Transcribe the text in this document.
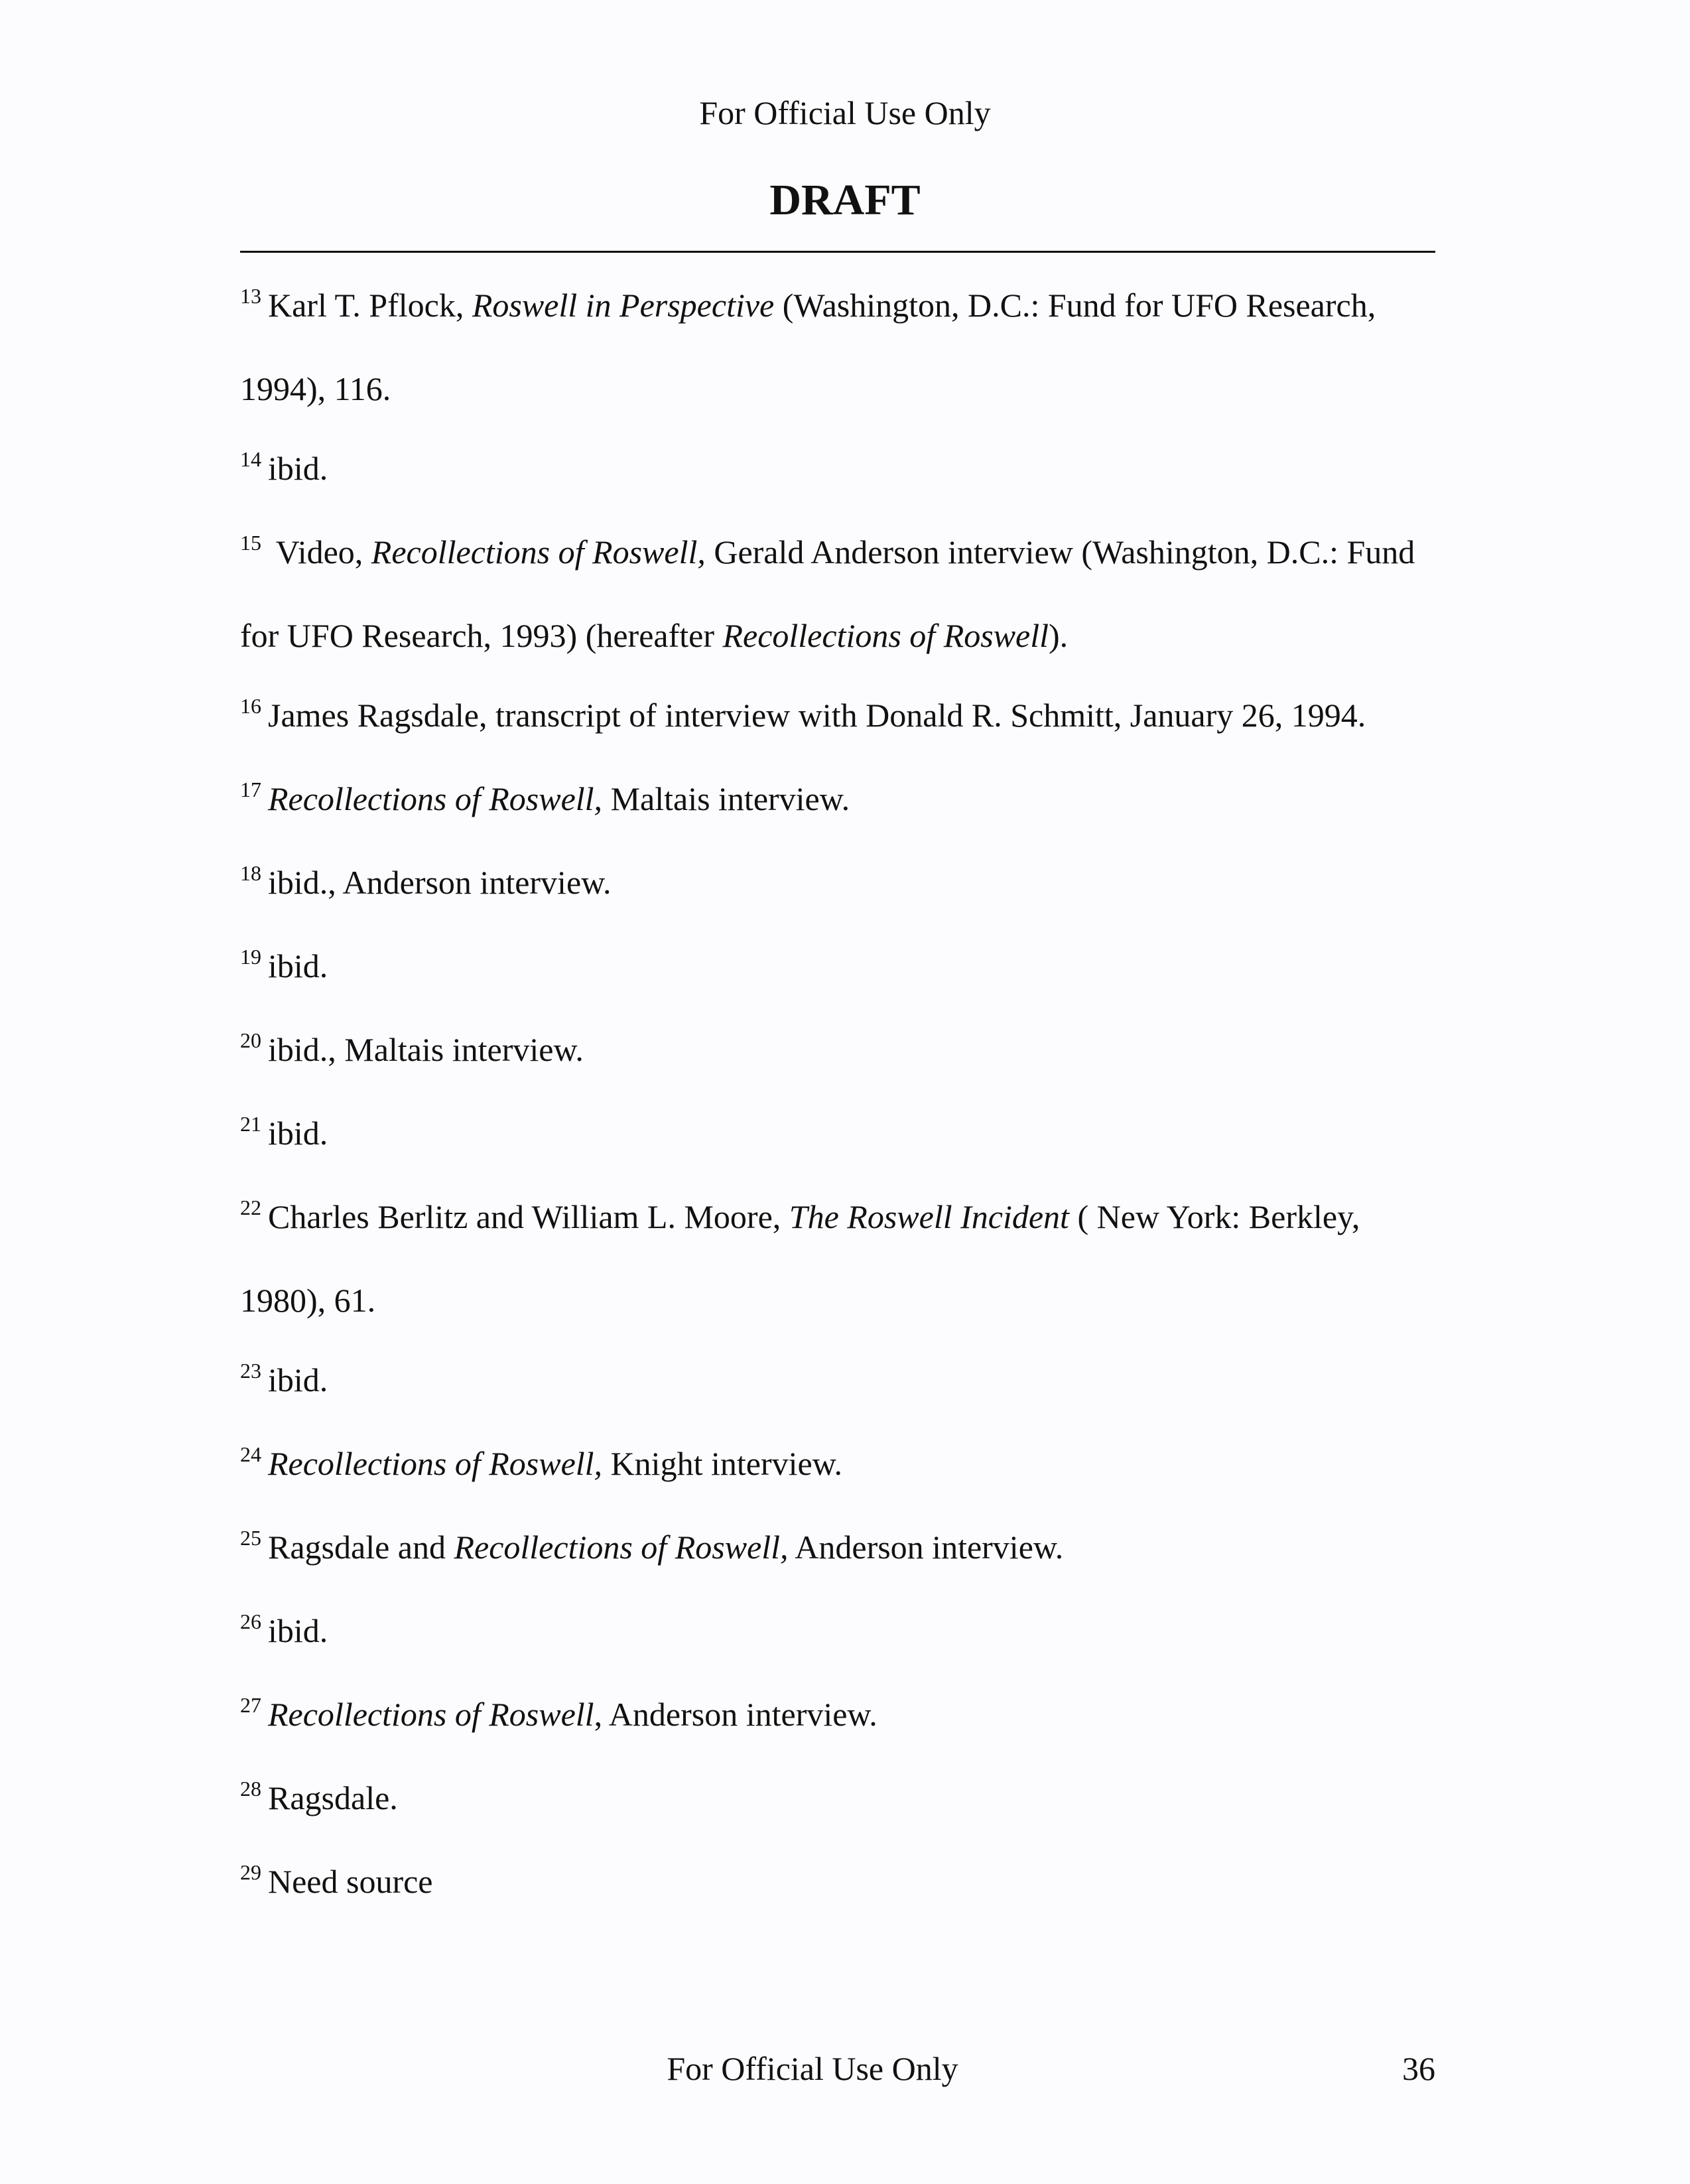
For Official Use Only
DRAFT

$^{13}$ Karl T. Pflock, Roswell in Perspective (Washington, D.C.: Fund for UFO Research,

1994), 116.

$^{14}$ ibid.

$^{15}$ Video, Recollections of Roswell, Gerald Anderson interview (Washington, D.C.: Fund

for UFO Research, 1993) (hereafter Recollections of Roswell).

$^{16}$ James Ragsdale, transcript of interview with Donald R. Schmitt, January 26, 1994.

$^{17}$ Recollections of Roswell, Maltais interview.

$^{18}$ ibid., Anderson interview.

$^{19}$ ibid.

$^{20}$ ibid., Maltais interview.

$^{21}$ ibid.

$^{22}$ Charles Berlitz and William L. Moore, The Roswell Incident ( New York: Berkley,

1980), 61.

$^{23}$ ibid.

$^{24}$ Recollections of Roswell, Knight interview.

$^{25}$ Ragsdale and Recollections of Roswell, Anderson interview.

$^{26}$ ibid.

$^{27}$ Recollections of Roswell, Anderson interview.

$^{28}$ Ragsdale.

$^{29}$ Need source

For Official Use Only	36
